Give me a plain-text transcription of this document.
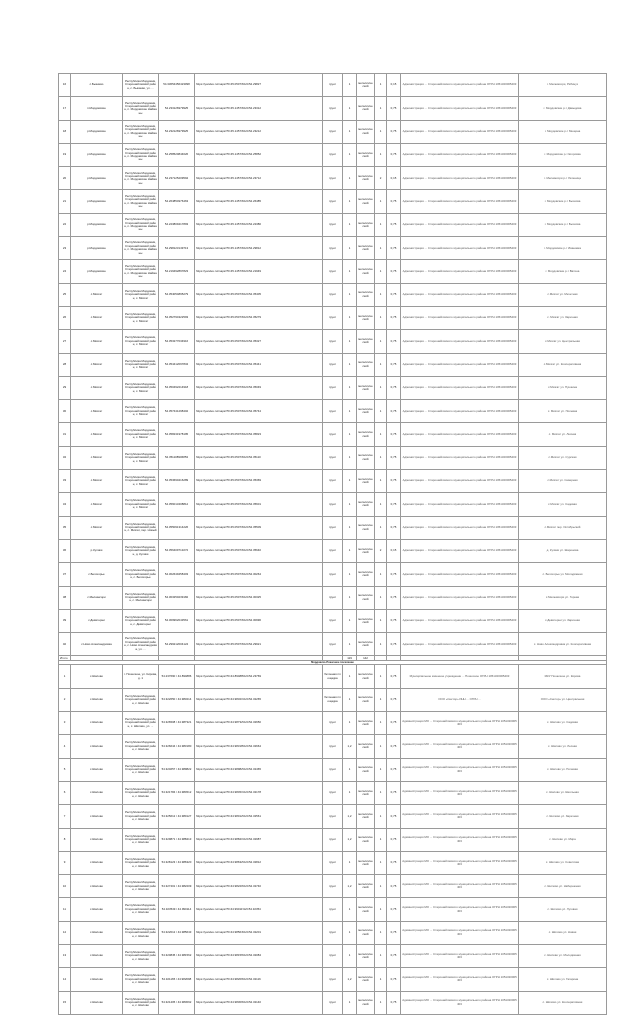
16	с.Быкиево	Республика Мордовия, Старошайговский район, с. Быкиево, ул. ...	54.33654456423098	https://yandex.ru/maps/?ll=45.05073%2C54.29827	грунт	1	металлический	1	0,15	Администрация ... Старошайговского муниципального района ОГРН 1051320005403	г. Мелюмсори, Рябинуз
17	п.Мордовские	Республика Мордовия, Старошайговский район, п. Мордовские Найманы	54.233126979925	https://yandex.ru/maps/?ll=45.14573%2C54.23312	грунт	1	металлический	1	0,75	Администрация ... Старошайговского муниципального района ОГРН 1051320005403	г. Мордовские р-т Давыдова
18	р.Мордовские	Республика Мордовия, Старошайговский район, п. Мордовские Найманы	54.232126979925	https://yandex.ru/maps/?ll=45.14573%2C54.23212	грунт	1	металлический	1	0,75	Администрация ... Старошайговского муниципального района ОГРН 1051320005403	г. Мордовские р-т Мещина
19	р.Мордовские	Республика Мордовия, Старошайговский район, п. Мордовские Найманы	54.258520844626	https://yandex.ru/maps/?ll=45.14573%2C54.25852	грунт	1	металлический	1	0,75	Администрация ... Старошайговского муниципального района ОГРН 1051320005403	г. Мордовские р-т Егоровка
20	р.Мордовские	Республика Мордовия, Старошайговский район, п. Мордовские Найманы	54.237125209594	https://yandex.ru/maps/?ll=45.14573%2C54.23712	грунт	1	металлический	2	0,15	Администрация ... Старошайговского муниципального района ОГРН 1051320005403	г. Мелюмсори р-т Латеница
21	р.Мордовские	Республика Мордовия, Старошайговский район, п. Мордовские Найманы	54.264854976463	https://yandex.ru/maps/?ll=45.14573%2C54.26485	грунт	1	металлический	1	0,75	Администрация ... Старошайговского муниципального района ОГРН 1051320005403	г. Мордовские р-т Бычкова
22	р.Мордовские	Республика Мордовия, Старошайговский район, п. Мордовские Найманы	54.223809417893	https://yandex.ru/maps/?ll=45.14573%2C54.22380	грунт	1	металлический	1	0,75	Администрация ... Старошайговского муниципального района ОГРН 1051320005403	г. Мордовские р-т Бычкова
23	р.Мордовские	Республика Мордовия, Старошайговский район, п. Мордовские Найманы	54.298123149713	https://yandex.ru/maps/?ll=45.14573%2C54.29812	грунт	1	металлический	1	0,75	Администрация ... Старошайговского муниципального района ОГРН 1051320005403	г. Мордовские р-т Ивановка
24	р.Мордовские	Республика Мордовия, Старошайговский район, п. Мордовские Найманы	54.219492897823	https://yandex.ru/maps/?ll=45.14573%2C54.21949	грунт	1	металлический	1	0,75	Администрация ... Старошайговского муниципального района ОГРН 1051320005403	г. Мордовские р-т Ватина
25	с.Мизгат	Республика Мордовия, Старошайговский район, с. Мизгат	54.354054895279	https://yandex.ru/maps/?ll=45.05073%2C54.35405	грунт	1	металлический	1	0,75	Администрация ... Старошайговского муниципального района ОГРН 1051320005403	с.Мизгат ул. Мечетная
26	с.Мизгат	Республика Мордовия, Старошайговский район, с. Мизгат	54.352794322593	https://yandex.ru/maps/?ll=45.05073%2C54.35279	грунт	1	металлический	1	0,75	Администрация ... Старошайговского муниципального района ОГРН 1051320005403	с. Мизгат ул. Заречная
27	с.Мизгат	Республика Мордовия, Старошайговский район, с. Мизгат	54.353277034916	https://yandex.ru/maps/?ll=45.05073%2C54.35327	грунт	1	металлический	1	0,75	Администрация ... Старошайговского муниципального района ОГРН 1051320005403	с.Мизгат ул. Центральная
28	с.Мизгат	Республика Мордовия, Старошайговский район, с. Мизгат	54.354412097834	https://yandex.ru/maps/?ll=45.05073%2C54.35441	грунт	1	металлический	1	0,75	Администрация ... Старошайговского муниципального района ОГРН 1051320005403	с.Мизгат ул. Кооперативная
29	с.Мизгат	Республика Мордовия, Старошайговский район, с. Мизгат	54.350492214918	https://yandex.ru/maps/?ll=45.05073%2C54.35049	грунт	1	металлический	1	0,75	Администрация ... Старошайговского муниципального района ОГРН 1051320005403	с.Мизгат ул. Пушкина
30	с.Мизгат	Республика Мордовия, Старошайговский район, с. Мизгат	54.357441298402	https://yandex.ru/maps/?ll=45.05073%2C54.35744	грунт	1	металлический	1	0,75	Администрация ... Старошайговского муниципального района ОГРН 1051320005403	с. Мизгат ул. Полевая
31	с.Мизгат	Республика Мордовия, Старошайговский район, с. Мизгат	54.358231978195	https://yandex.ru/maps/?ll=45.05073%2C54.35823	грунт	1	металлический	1	0,75	Администрация ... Старошайговского муниципального района ОГРН 1051320005403	с. Мизгат ул. Лесная
32	с.Мизгат	Республика Мордовия, Старошайговский район, с. Мизгат	54.351108906853	https://yandex.ru/maps/?ll=45.05073%2C54.35110	грунт	1	металлический	1	0,75	Администрация ... Старошайговского муниципального района ОГРН 1051320005403	с.Мизгат ул. Сурская
33	с.Мизгат	Республика Мордовия, Старошайговский район, с. Мизгат	54.353690416289	https://yandex.ru/maps/?ll=45.05073%2C54.35369	грунт	1	металлический	1	0,75	Администрация ... Старошайговского муниципального района ОГРН 1051320005403	с.Мизгат ул. Северная
34	с.Мизгат	Республика Мордовия, Старошайговский район, с. Мизгат	54.356013408812	https://yandex.ru/maps/?ll=45.05073%2C54.35601	грунт	1	металлический	1	0,75	Администрация ... Старошайговского муниципального района ОГРН 1051320005403	с.Мизгат ул. Садовая
35	с.Мизгат	Республика Мордовия, Старошайговский район, с. Мизгат, пер. Новый	54.355091314226	https://yandex.ru/maps/?ll=45.05073%2C54.35509	грунт	1	металлический	1	0,75	Администрация ... Старошайговского муниципального района ОГРН 1051320005403	с.Мизгат пер. Октябрьский
36	р.Кулики	Республика Мордовия, Старошайговский район, д. Кулики	54.356409713272	https://yandex.ru/maps/?ll=45.05073%2C54.35640	грунт	1	металлический	2	0,15	Администрация ... Старошайговского муниципального района ОГРН 1051320005403	д. Кулики ул. Шаронова
37	с.Белогорье	Республика Мордовия, Старошайговский район, с. Белогорье	54.302649458403	https://yandex.ru/maps/?ll=45.05073%2C54.30264	грунт	1	металлический	1	0,75	Администрация ... Старошайговского муниципального района ОГРН 1051320005403	с. Белогорье ул. Молодёжная
38	с.Мелюмсори	Республика Мордовия, Старошайговский район, с. Мелюмсори	54.303250239182	https://yandex.ru/maps/?ll=45.05073%2C54.30325	грунт	1	металлический	1	0,75	Администрация ... Старошайговского муниципального района ОГРН 1051320005403	с.Мелюмсори ул. Горная
39	с.Девятерни	Республика Мордовия, Старошайговский район, с. Девятерни	54.309962043561	https://yandex.ru/maps/?ll=45.05073%2C54.30996	грунт	1	металлический	1	0,75	Администрация ... Старошайговского муниципального района ОГРН 1051320005403	с.Девятерни ул. Заречная
40	с.Ново Александровка	Республика Мордовия, Старошайговский район, с. Ново Александровка, ул. ...	54.299212004124	https://yandex.ru/maps/?ll=45.05073%2C54.29921	грунт	1	металлический	1	0,75	Администрация ... Старошайговского муниципального района ОГРН 1051320005403	с. Ново Александровка ул. Кооперативная
Итого						119	142				
Мордовско-Пошечное поселение											
1	с.Шилово	г. Пошечное, ул. Кирова, д. 1	54.237690 / 44.894886	https://yandex.ru/maps/?ll=44.89488%2C54.23769	бетонная площадка	1	металлический	1	0,75	Муниципальное казенное учреждение ... Пошечное ОГРН 1051320005403	МКУ Пошечное ул. Кирова
2	с.Шилово	Республика Мордовия, Старошайговский район, с. Шилово	54.322650 / 44.983214	https://yandex.ru/maps/?ll=44.98321%2C54.32265	бетонная площадка	1	металлический	1	0,75	ООО «Сектор» ИНН ... ОГРН ...	ООО «Сектор» ул. Центральная
3	с.Шилово	Республика Мордовия, Старошайговский район, с. Шилово, ул. ...	54.326508 / 44.987321	https://yandex.ru/maps/?ll=44.98732%2C54.32650	грунт	1	металлический	1	0,75	Администрация МО ... Старошайговского муниципального района ОГРН 1051320005403	с. Шилово ул. Садовая
4	с.Шилово	Республика Мордовия, Старошайговский район, с. Шилово	54.326644 / 44.983180	https://yandex.ru/maps/?ll=44.98318%2C54.32664	грунт	1,2	металлический	1	0,75	Администрация МО ... Старошайговского муниципального района ОГРН 1051320005403	с. Шилово ул. Лесная
5	с.Шилово	Республика Мордовия, Старошайговский район, с. Шилово	54.324657 / 44.989822	https://yandex.ru/maps/?ll=44.98982%2C54.32465	грунт	1	металлический	1	0,75	Администрация МО ... Старошайговского муниципального района ОГРН 1051320005403	с. Шилово ул. Полевая
6	с.Шилово	Республика Мордовия, Старошайговский район, с. Шилово	54.321784 / 44.984512	https://yandex.ru/maps/?ll=44.98451%2C54.32178	грунт	1	металлический	1	0,75	Администрация МО ... Старошайговского муниципального района ОГРН 1051320005403	с. Шилово ул. Школьная
7	с.Шилово	Республика Мордовия, Старошайговский район, с. Шилово	54.325612 / 44.980127	https://yandex.ru/maps/?ll=44.98012%2C54.32561	грунт	1,2	металлический	1	0,75	Администрация МО ... Старошайговского муниципального района ОГРН 1051320005403	с. Шилово ул. Заречная
8	с.Шилово	Республика Мордовия, Старошайговский район, с. Шилово	54.329871 / 44.988413	https://yandex.ru/maps/?ll=44.98841%2C54.32987	грунт	1,2	металлический	1	0,75	Администрация МО ... Старошайговского муниципального района ОГРН 1051320005403	с. Шилово ул. Мира
9	с.Шилово	Республика Мордовия, Старошайговский район, с. Шилово	54.328123 / 44.986320	https://yandex.ru/maps/?ll=44.98632%2C54.32812	грунт	1	металлический	1	0,75	Администрация МО ... Старошайговского муниципального района ОГРН 1051320005403	с. Шилово ул. Советская
10	с.Шилово	Республика Мордовия, Старошайговский район, с. Шилово	54.327401 / 44.982209	https://yandex.ru/maps/?ll=44.98220%2C54.32740	грунт	1,2	металлический	1	0,75	Администрация МО ... Старошайговского муниципального района ОГРН 1051320005403	с. Шилово ул. Набережная
11	с.Шилово	Республика Мордовия, Старошайговский район, с. Шилово	54.323549 / 44.990114	https://yandex.ru/maps/?ll=44.99011%2C54.32354	грунт	1	металлический	1	0,75	Администрация МО ... Старошайговского муниципального района ОГРН 1051320005403	с. Шилово ул. Луговая
12	с.Шилово	Республика Мордовия, Старошайговский район, с. Шилово	54.322012 / 44.985643	https://yandex.ru/maps/?ll=44.98564%2C54.32201	грунт	1	металлический	1	0,75	Администрация МО ... Старошайговского муниципального района ОГРН 1051320005403	с. Шилово ул. Новая
13	с.Шилово	Республика Мордовия, Старошайговский район, с. Шилово	54.320845 / 44.981562	https://yandex.ru/maps/?ll=44.98156%2C54.32084	грунт	1	металлический	1	0,75	Администрация МО ... Старошайговского муниципального района ОГРН 1051320005403	с. Шилово ул. Молодёжная
14	с.Шилово	Республика Мордовия, Старошайговский район, с. Шилово	54.321165 / 44.982098	https://yandex.ru/maps/?ll=44.98209%2C54.32116	грунт	1,2	металлический	1	0,75	Администрация МО ... Старошайговского муниципального района ОГРН 1051320005403	с. Шилово ул. Гагарина
15	с.Шилово	Республика Мордовия, Старошайговский район, с. Шилово	54.321405 / 44.983092	https://yandex.ru/maps/?ll=44.98309%2C54.32140	грунт	1	металлический	1	0,75	Администрация МО ... Старошайговского муниципального района ОГРН 1051320005403	с. Шилово ул. Кооперативная
